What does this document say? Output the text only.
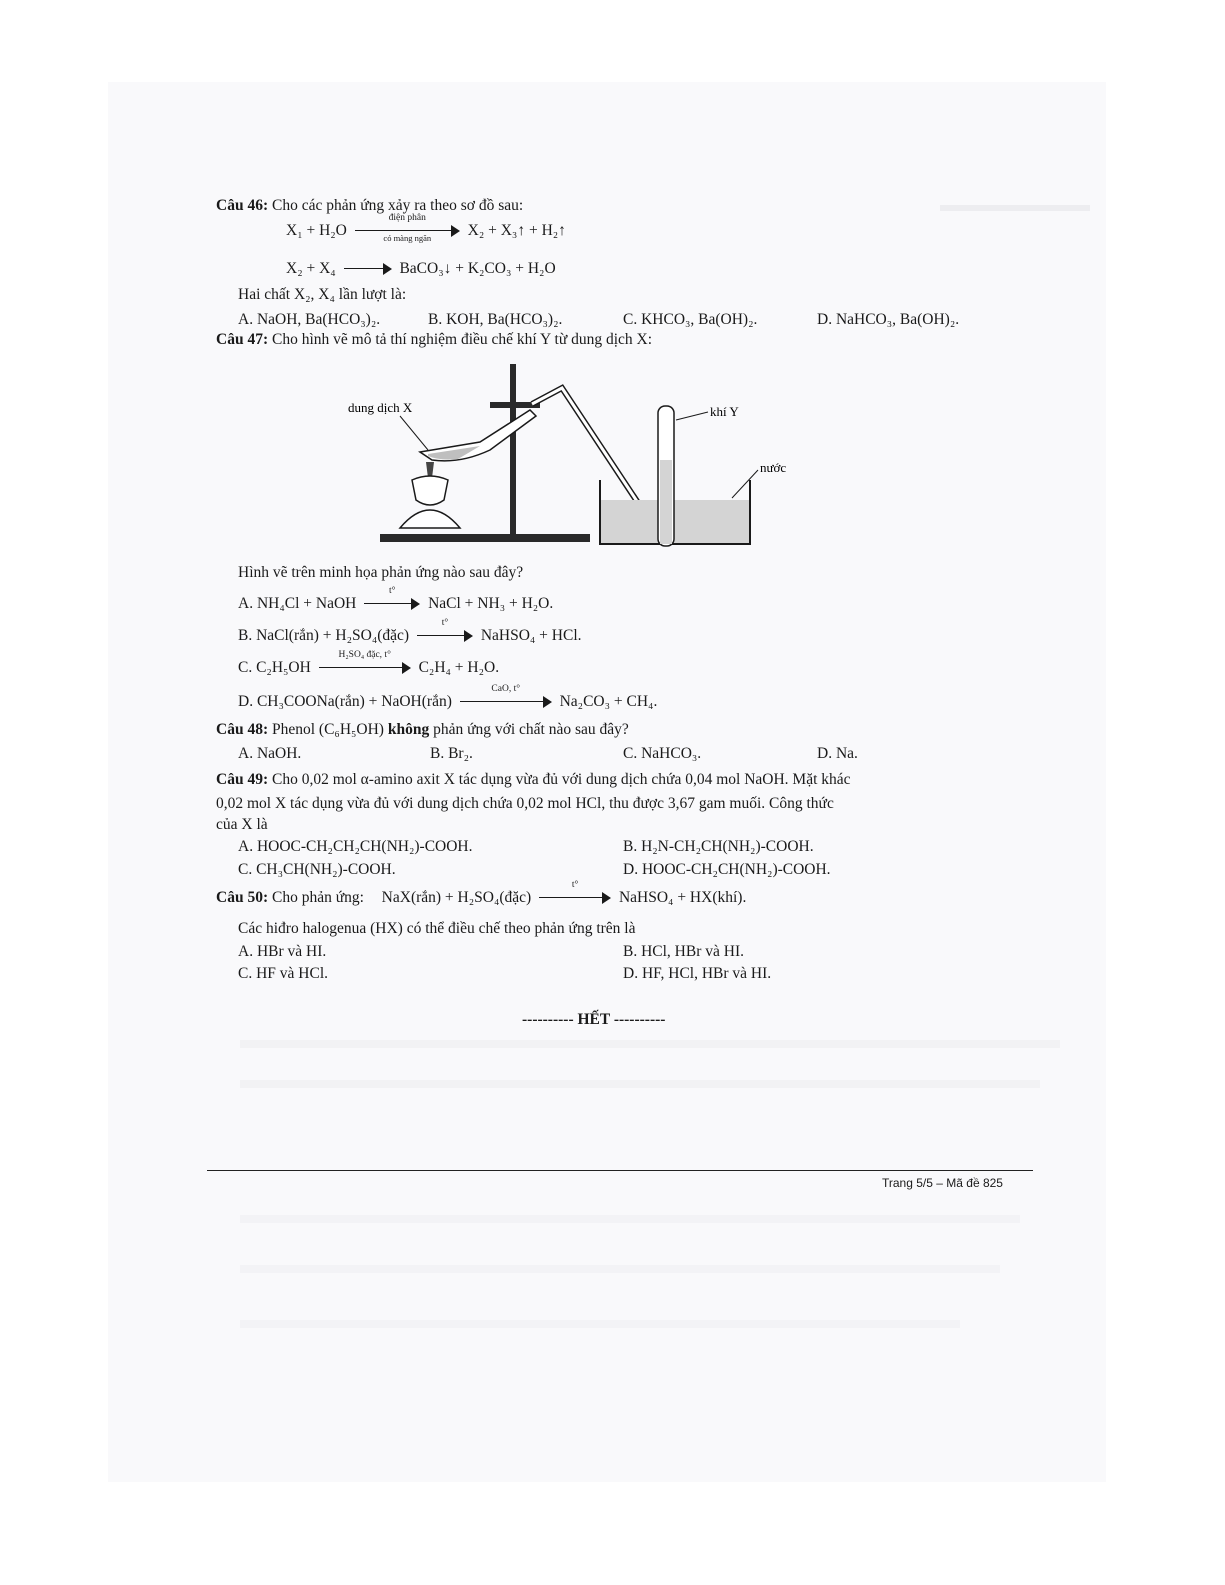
Câu 46: Cho các phản ứng xảy ra theo sơ đồ sau:
X₁ + H₂O
điện phân
có màng ngăn	X₂ + X₃↑ + H₂↑
X₂ + X₄	BaCO₃↓ + K₂CO₃ + H₂O
Hai chất X₂, X₄ lần lượt là:
A. NaOH, Ba(HCO₃)₂.	B. KOH, Ba(HCO₃)₂.	C. KHCO₃, Ba(OH)₂.	D. NaHCO₃, Ba(OH)₂.
Câu 47: Cho hình vẽ mô tả thí nghiệm điều chế khí Y từ dung dịch X:
dung dịch X	khí Y
nước
Hình vẽ trên minh họa phản ứng nào sau đây?
A. NH₄Cl + NaOH
t°
NaCl + NH₃ + H₂O.
B. NaCl(rắn) + H₂SO₄(đặc)
t°
NaHSO₄ + HCl.
C. C₂H₅OH
H₂SO₄ đặc, t°
C₂H₄ + H₂O.
D. CH₃COONa(rắn) + NaOH(rắn)
CaO, t°
Na₂CO₃ + CH₄.
Câu 48: Phenol (C₆H₅OH) không phản ứng với chất nào sau đây?
A. NaOH.	B. Br₂.	C. NaHCO₃.	D. Na.
Câu 49: Cho 0,02 mol α-amino axit X tác dụng vừa đủ với dung dịch chứa 0,04 mol NaOH. Mặt khác
0,02 mol X tác dụng vừa đủ với dung dịch chứa 0,02 mol HCl, thu được 3,67 gam muối. Công thức
của X là
A. HOOC-CH₂CH₂CH(NH₂)-COOH.	B. H₂N-CH₂CH(NH₂)-COOH.
C. CH₃CH(NH₂)-COOH.	D. HOOC-CH₂CH(NH₂)-COOH.
Câu 50: Cho phản ứng: NaX(rắn) + H₂SO₄(đặc)
t°
NaHSO₄ + HX(khí).
Các hiđro halogenua (HX) có thể điều chế theo phản ứng trên là
A. HBr và HI.	B. HCl, HBr và HI.
C. HF và HCl.	D. HF, HCl, HBr và HI.
---------- HẾT ----------
Trang 5/5 – Mã đề 825
